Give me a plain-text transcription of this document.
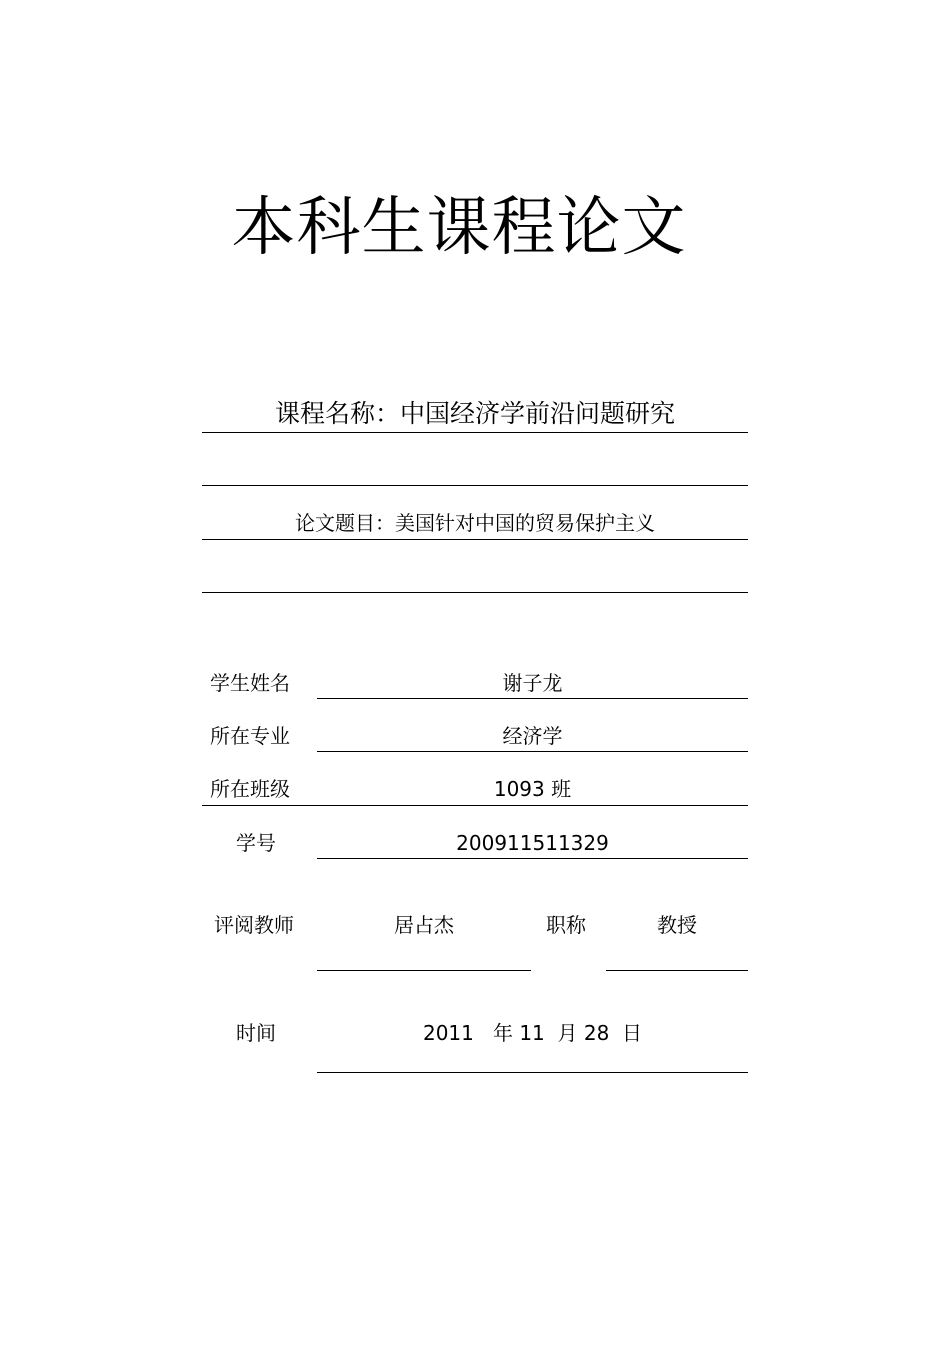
本科生课程论文
课程名称：中国经济学前沿问题研究
论文题目：美国针对中国的贸易保护主义
学生姓名	谢子龙
所在专业	经济学
所在班级	1093 班
学号	200911511329
评阅教师	居占杰	职称	教授
时间	2011 年 11 月 28 日
